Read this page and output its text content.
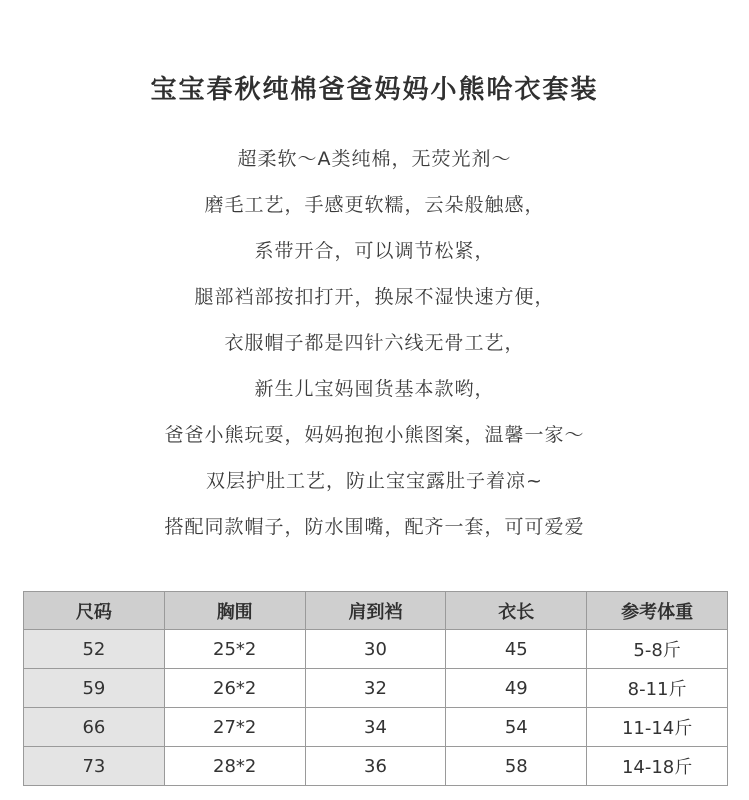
宝宝春秋纯棉爸爸妈妈小熊哈衣套装
超柔软～A类纯棉，无荧光剂～
磨毛工艺，手感更软糯，云朵般触感，
系带开合，可以调节松紧，
腿部裆部按扣打开，换尿不湿快速方便，
衣服帽子都是四针六线无骨工艺，
新生儿宝妈囤货基本款哟，
爸爸小熊玩耍，妈妈抱抱小熊图案，温馨一家～
双层护肚工艺，防止宝宝露肚子着凉~
搭配同款帽子，防水围嘴，配齐一套，可可爱爱
尺码	胸围	肩到裆	衣长	参考体重
52	25*2	30	45	5-8斤
59	26*2	32	49	8-11斤
66	27*2	34	54	11-14斤
73	28*2	36	58	14-18斤
